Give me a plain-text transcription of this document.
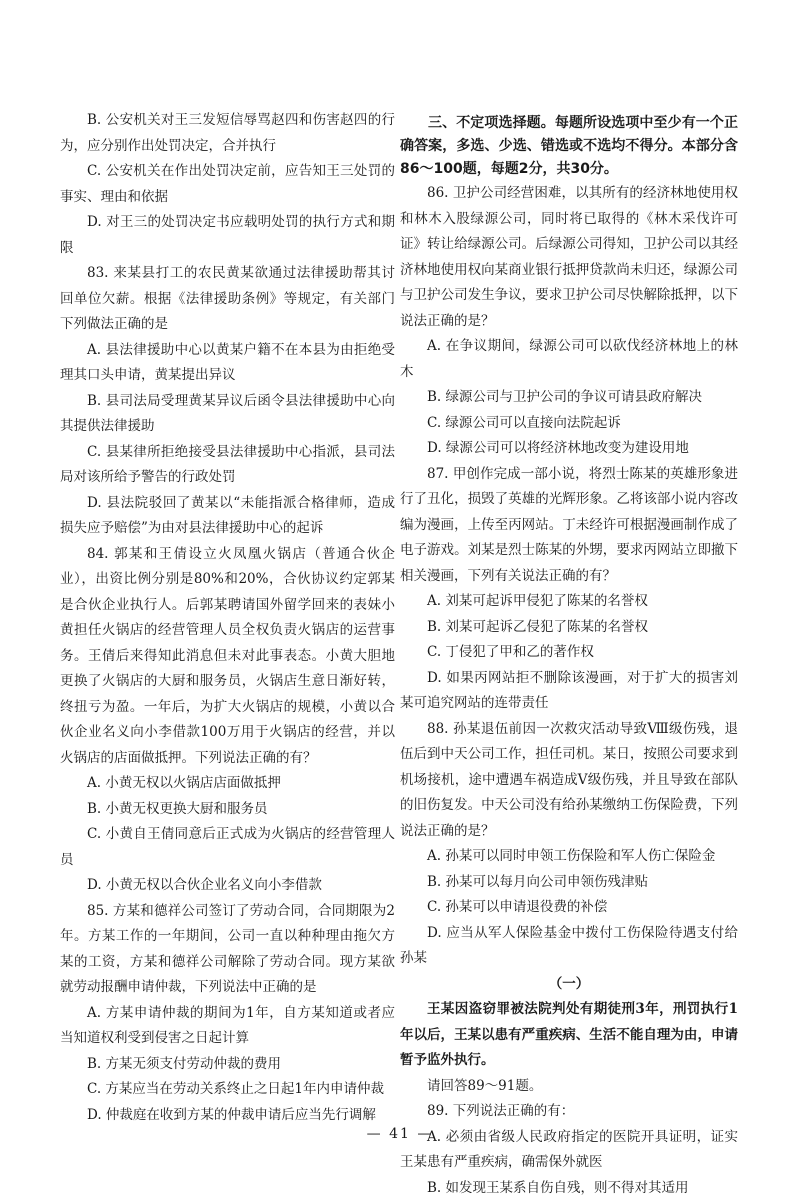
B. 公安机关对王三发短信辱骂赵四和伤害赵四的行为，应分别作出处罚决定，合并执行

C. 公安机关在作出处罚决定前，应告知王三处罚的事实、理由和依据

D. 对王三的处罚决定书应载明处罚的执行方式和期限

83. 来某县打工的农民黄某欲通过法律援助帮其讨回单位欠薪。根据《法律援助条例》等规定，有关部门下列做法正确的是

A. 县法律援助中心以黄某户籍不在本县为由拒绝受理其口头申请，黄某提出异议

B. 县司法局受理黄某异议后函令县法律援助中心向其提供法律援助

C. 县某律所拒绝接受县法律援助中心指派，县司法局对该所给予警告的行政处罚

D. 县法院驳回了黄某以“未能指派合格律师，造成损失应予赔偿”为由对县法律援助中心的起诉

84. 郭某和王倩设立火凤凰火锅店（普通合伙企业），出资比例分别是80%和20%，合伙协议约定郭某是合伙企业执行人。后郭某聘请国外留学回来的表妹小黄担任火锅店的经营管理人员全权负责火锅店的运营事务。王倩后来得知此消息但未对此事表态。小黄大胆地更换了火锅店的大厨和服务员，火锅店生意日渐好转，终扭亏为盈。一年后，为扩大火锅店的规模，小黄以合伙企业名义向小李借款100万用于火锅店的经营，并以火锅店的店面做抵押。下列说法正确的有？

A. 小黄无权以火锅店店面做抵押

B. 小黄无权更换大厨和服务员

C. 小黄自王倩同意后正式成为火锅店的经营管理人员

D. 小黄无权以合伙企业名义向小李借款

85. 方某和德祥公司签订了劳动合同，合同期限为2年。方某工作的一年期间，公司一直以种种理由拖欠方某的工资，方某和德祥公司解除了劳动合同。现方某欲就劳动报酬申请仲裁，下列说法中正确的是

A. 方某申请仲裁的期间为1年，自方某知道或者应当知道权利受到侵害之日起计算

B. 方某无须支付劳动仲裁的费用

C. 方某应当在劳动关系终止之日起1年内申请仲裁

D. 仲裁庭在收到方某的仲裁申请后应当先行调解

三、不定项选择题。每题所设选项中至少有一个正确答案，多选、少选、错选或不选均不得分。本部分含86～100题，每题2分，共30分。

86. 卫护公司经营困难，以其所有的经济林地使用权和林木入股绿源公司，同时将已取得的《林木采伐许可证》转让给绿源公司。后绿源公司得知，卫护公司以其经济林地使用权向某商业银行抵押贷款尚未归还，绿源公司与卫护公司发生争议，要求卫护公司尽快解除抵押，以下说法正确的是？

A. 在争议期间，绿源公司可以砍伐经济林地上的林木

B. 绿源公司与卫护公司的争议可请县政府解决

C. 绿源公司可以直接向法院起诉

D. 绿源公司可以将经济林地改变为建设用地

87. 甲创作完成一部小说，将烈士陈某的英雄形象进行了丑化，损毁了英雄的光辉形象。乙将该部小说内容改编为漫画，上传至丙网站。丁未经许可根据漫画制作成了电子游戏。刘某是烈士陈某的外甥，要求丙网站立即撤下相关漫画，下列有关说法正确的有？

A. 刘某可起诉甲侵犯了陈某的名誉权

B. 刘某可起诉乙侵犯了陈某的名誉权

C. 丁侵犯了甲和乙的著作权

D. 如果丙网站拒不删除该漫画，对于扩大的损害刘某可追究网站的连带责任

88. 孙某退伍前因一次救灾活动导致Ⅷ级伤残，退伍后到中天公司工作，担任司机。某日，按照公司要求到机场接机，途中遭遇车祸造成Ⅴ级伤残，并且导致在部队的旧伤复发。中天公司没有给孙某缴纳工伤保险费，下列说法正确的是？

A. 孙某可以同时申领工伤保险和军人伤亡保险金

B. 孙某可以每月向公司申领伤残津贴

C. 孙某可以申请退役费的补偿

D. 应当从军人保险基金中拨付工伤保险待遇支付给孙某

（一）

王某因盗窃罪被法院判处有期徒刑3年，刑罚执行1年以后，王某以患有严重疾病、生活不能自理为由，申请暂予监外执行。

请回答89～91题。

89. 下列说法正确的有：

A. 必须由省级人民政府指定的医院开具证明，证实王某患有严重疾病，确需保外就医

B. 如发现王某系自伤自残，则不得对其适用

— 41 —
